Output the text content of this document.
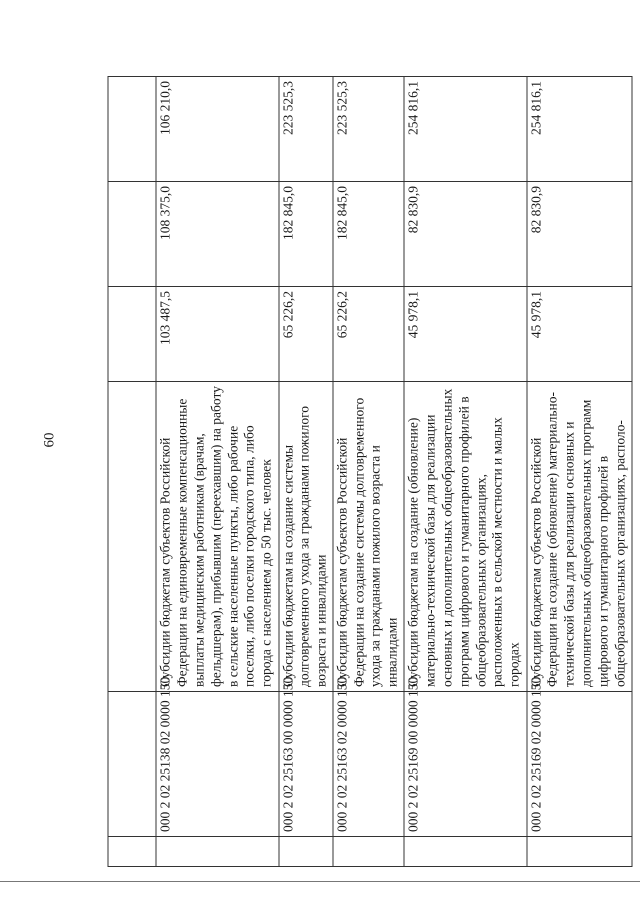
60

	000 2 02 25138 02 0000 150	Субсидии бюджетам субъектов Российской Федерации на единовременные компенсационные выплаты медицинским работникам (врачам, фельдшерам), прибывшим (переехавшим) на работу в сельские населенные пункты, либо рабочие поселки, либо поселки городского типа, либо города с населением до 50 тыс. человек	103 487,5	108 375,0	106 210,0
	000 2 02 25163 00 0000 150	Субсидии бюджетам на создание системы долговременного ухода за гражданами пожилого возраста и инвалидами	65 226,2	182 845,0	223 525,3
	000 2 02 25163 02 0000 150	Субсидии бюджетам субъектов Российской Федерации на создание системы долговременного ухода за гражданами пожилого возраста и инвалидами	65 226,2	182 845,0	223 525,3
	000 2 02 25169 00 0000 150	Субсидии бюджетам на создание (обновление) материально-технической базы для реализации основных и дополнительных общеобразовательных программ цифрового и гуманитарного профилей в общеобразовательных организациях, расположенных в сельской местности и малых городах	45 978,1	82 830,9	254 816,1
	000 2 02 25169 02 0000 150	Субсидии бюджетам субъектов Российской Федерации на создание (обновление) материально-технической базы для реализации основных и дополнительных общеобразовательных программ цифрового и гуманитарного профилей в общеобразовательных организациях, располо-	45 978,1	82 830,9	254 816,1
